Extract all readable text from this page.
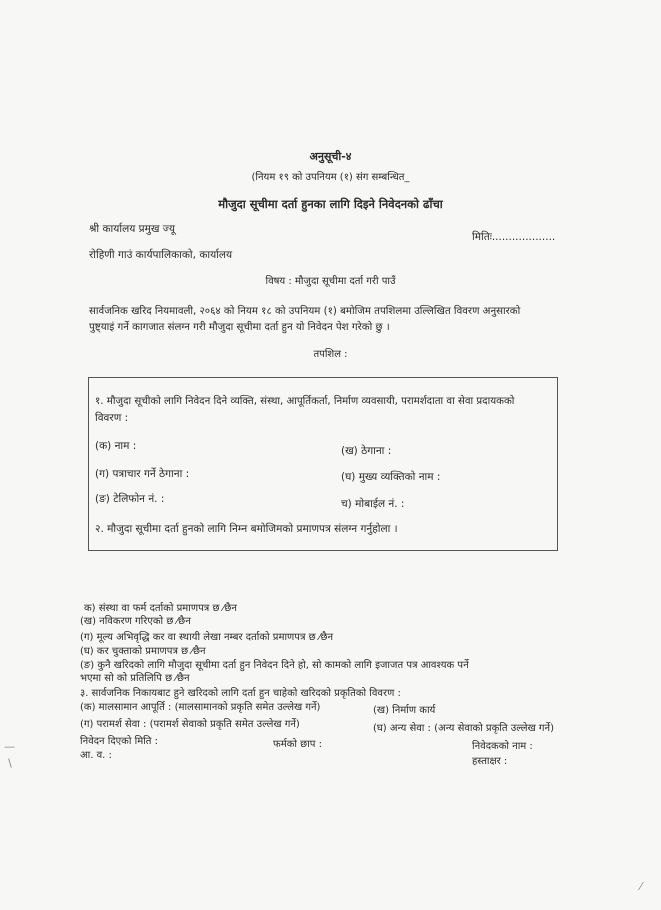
अनुसूची-४
(नियम १९ को उपनियम (१) संग सम्बन्धित_
मौजुदा सूचीमा दर्ता हुनका लागि दिइने निवेदनको ढाँचा
श्री कार्यालय प्रमुख ज्यू
मितिः...................
रोहिणी गाउं कार्यपालिकाको, कार्यालय
विषय : मौजुदा सूचीमा दर्ता गरी पाउँ
सार्वजनिक खरिद नियमावली, २०६४ को नियम १८ को उपनियम (१) बमोजिम तपशिलमा उल्लिखित विवरण अनुसारको
पुष्ट्याइं गर्ने कागजात संलग्न गरी मौजुदा सूचीमा दर्ता हुन यो निवेदन पेश गरेको छु ।
तपशिल :
१. मौजुदा सूचीको लागि निवेदन दिने व्यक्ति, संस्था, आपूर्तिकर्ता, निर्माण व्यवसायी, परामर्शदाता वा सेवा प्रदायकको
विवरण :
(क) नाम :	(ख) ठेगाना :
(ग) पत्राचार गर्ने ठेगाना :	(घ) मुख्य व्यक्तिको नाम :
(ङ) टेलिफोन नं. :	च) मोबाईल नं. :
२. मौजुदा सूचीमा दर्ता हुनको लागि निम्न बमोजिमको प्रमाणपत्र संलग्न गर्नुहोला ।
क) संस्था वा फर्म दर्ताको प्रमाणपत्र छ ⁄छैन
(ख) नविकरण गरिएको छ ⁄छैन
(ग) मूल्य अभिवृद्धि कर वा स्थायी लेखा नम्बर दर्ताको प्रमाणपत्र छ ⁄छैन
(घ) कर चुक्ताको प्रमाणपत्र छ ⁄छैन
(ङ) कुनै खरिदको लागि मौजुदा सूचीमा दर्ता हुन निवेदन दिने हो, सो कामको लागि इजाजत पत्र आवश्यक पर्ने
भएमा सो को प्रतिलिपि छ ⁄छैन
३. सार्वजनिक निकायबाट हुने खरिदको लागि दर्ता हुन चाहेको खरिदको प्रकृतिको विवरण :
(क) मालसामान आपूर्ति : (मालसामानको प्रकृति समेत उल्लेख गर्ने)	(ख) निर्माण कार्य
(ग) परामर्श सेवा : (परामर्श सेवाको प्रकृति समेत उल्लेख गर्ने)	(घ) अन्य सेवा : (अन्य सेवाको प्रकृति उल्लेख गर्ने)
निवेदन दिएको मिति :
आ. व. :
फर्मको छाप :	निवेदकको नाम :
हस्ताक्षर :
—
∖
⁄
